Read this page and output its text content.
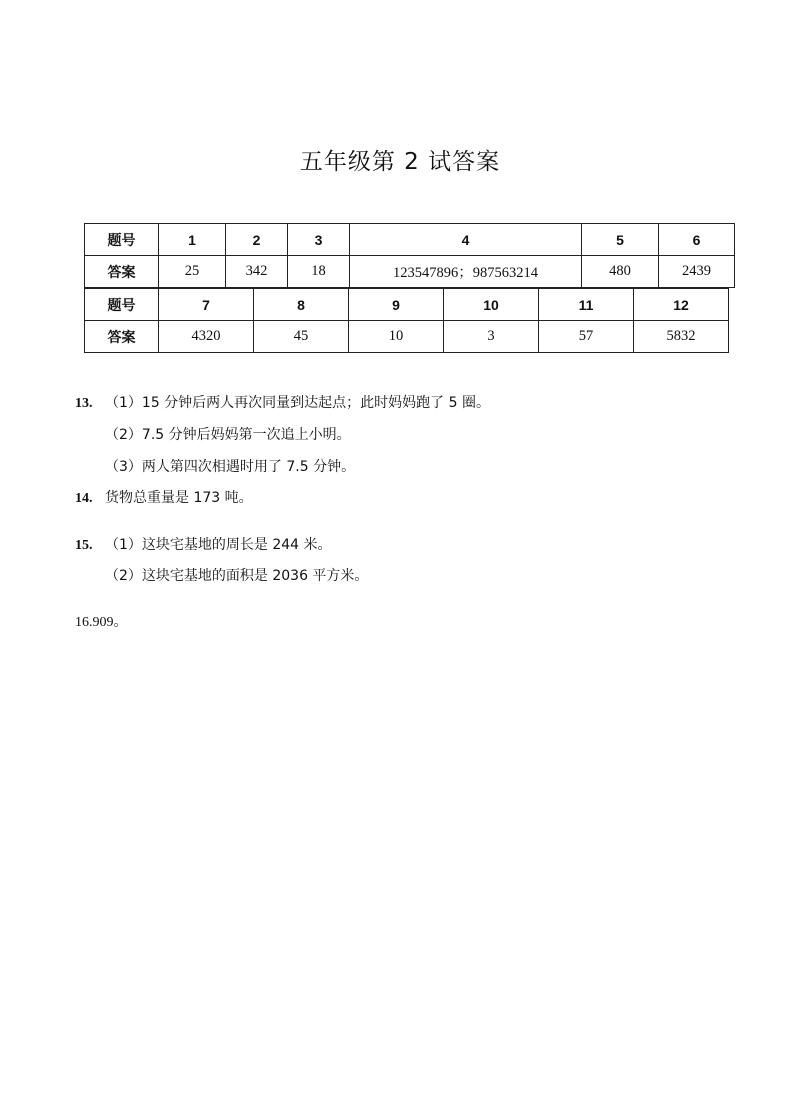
五年级第 2 试答案
题号	1	2	3	4	5	6
答案	25	342	18	123547896；987563214	480	2439
题号	7	8	9	10	11	12
答案	4320	45	10	3	57	5832
13. （1）15 分钟后两人再次同量到达起点；此时妈妈跑了 5 圈。
（2）7.5 分钟后妈妈第一次追上小明。
（3）两人第四次相遇时用了 7.5 分钟。
14. 货物总重量是 173 吨。
15. （1）这块宅基地的周长是 244 米。
（2）这块宅基地的面积是 2036 平方米。
16.909。
